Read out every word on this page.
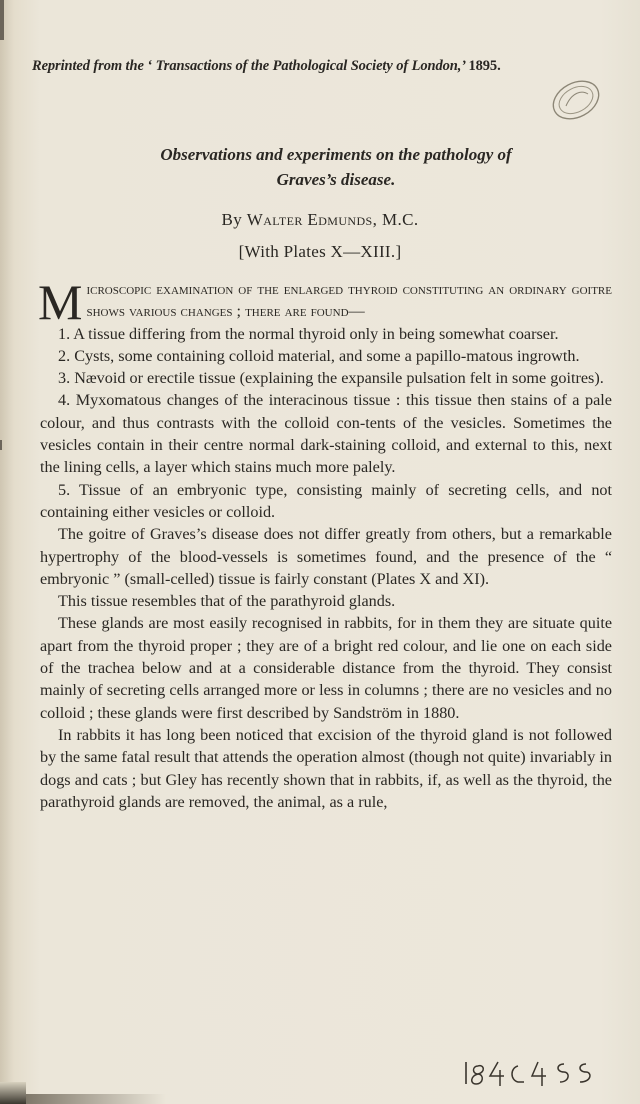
Reprinted from the ‘ Transactions of the Pathological Society of London,’ 1895.
Observations and experiments on the pathology of
Graves’s disease.
By Walter Edmunds, M.C.
[With Plates X—XIII.]

Microscopic examination of the enlarged thyroid constituting an ordinary goitre shows various changes ; there are found—

1. A tissue differing from the normal thyroid only in being somewhat coarser.

2. Cysts, some containing colloid material, and some a papillo-matous ingrowth.

3. Nævoid or erectile tissue (explaining the expansile pulsation felt in some goitres).

4. Myxomatous changes of the interacinous tissue : this tissue then stains of a pale colour, and thus contrasts with the colloid con-tents of the vesicles. Sometimes the vesicles contain in their centre normal dark-staining colloid, and external to this, next the lining cells, a layer which stains much more palely.

5. Tissue of an embryonic type, consisting mainly of secreting cells, and not containing either vesicles or colloid.

The goitre of Graves’s disease does not differ greatly from others, but a remarkable hypertrophy of the blood-vessels is sometimes found, and the presence of the “ embryonic ” (small-celled) tissue is fairly constant (Plates X and XI).

This tissue resembles that of the parathyroid glands.

These glands are most easily recognised in rabbits, for in them they are situate quite apart from the thyroid proper ; they are of a bright red colour, and lie one on each side of the trachea below and at a considerable distance from the thyroid. They consist mainly of secreting cells arranged more or less in columns ; there are no vesicles and no colloid ; these glands were first described by Sandström in 1880.

In rabbits it has long been noticed that excision of the thyroid gland is not followed by the same fatal result that attends the operation almost (though not quite) invariably in dogs and cats ; but Gley has recently shown that in rabbits, if, as well as the thyroid, the parathyroid glands are removed, the animal, as a rule,
